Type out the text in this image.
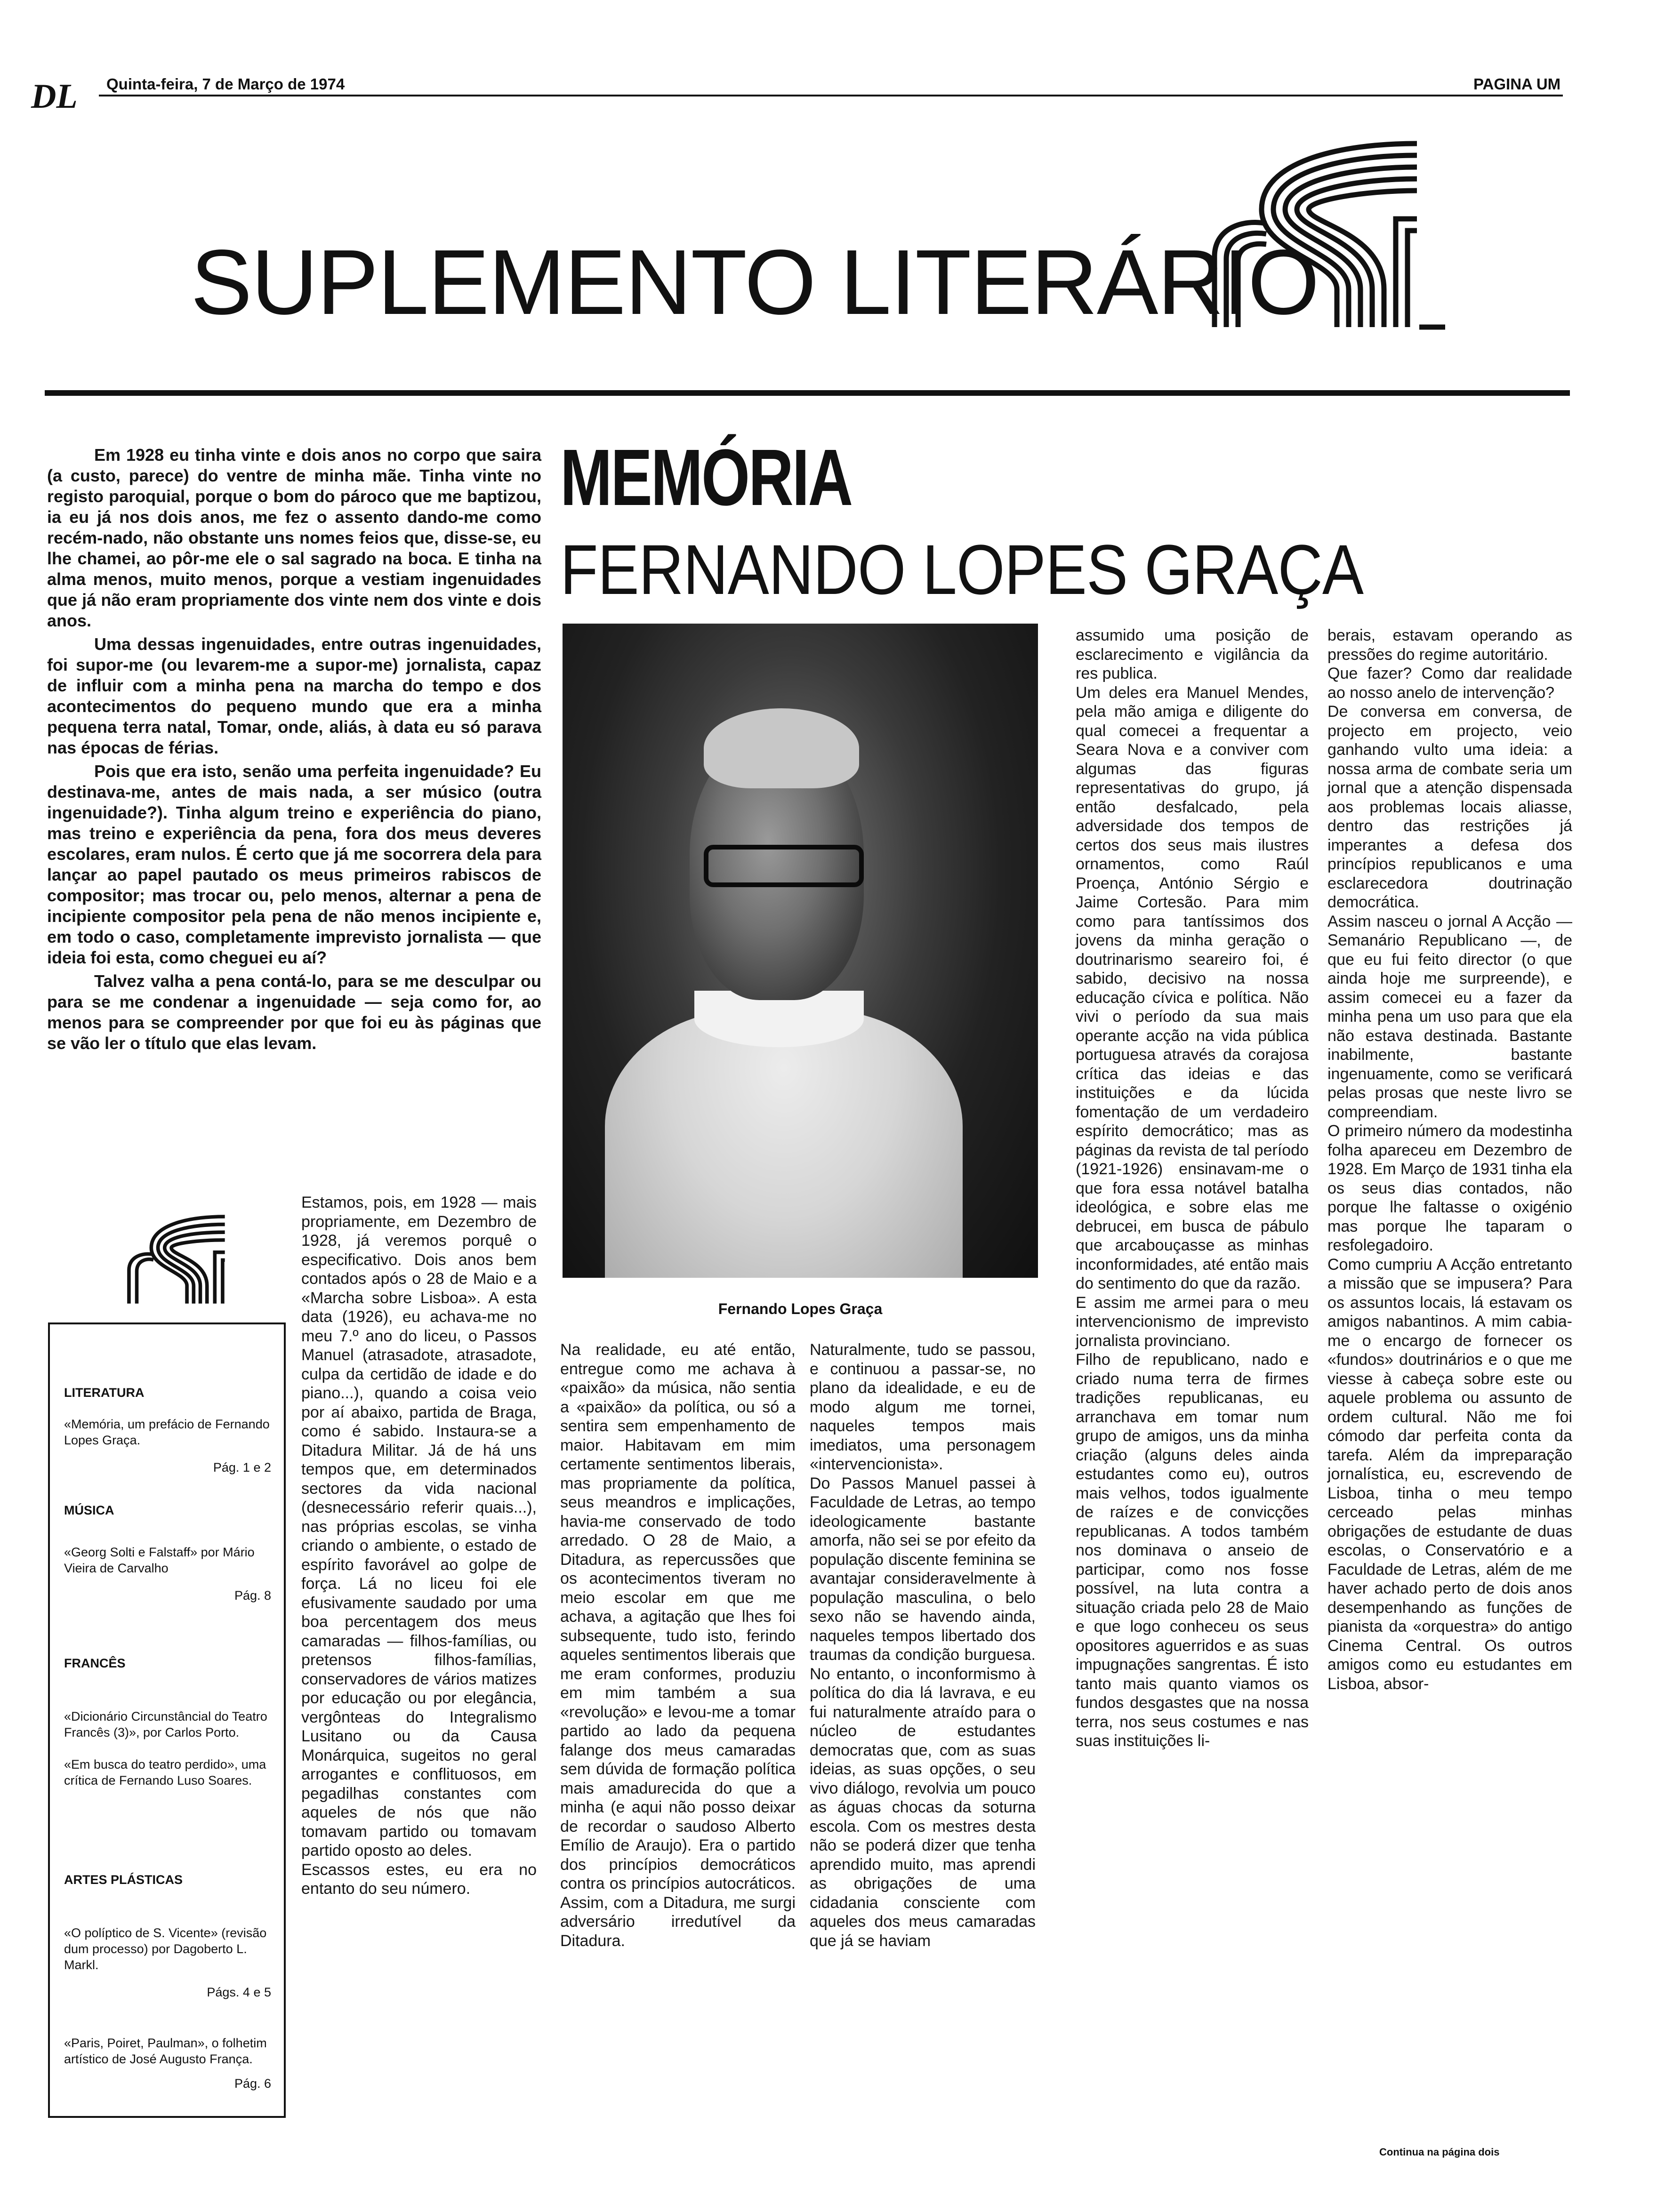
DL Quinta-feira, 7 de Março de 1974	PAGINA UM
SUPLEMENTO LITERÁRIO

Em 1928 eu tinha vinte e dois anos no corpo que saira (a custo, parece) do ventre de minha mãe. Tinha vinte no registo paroquial, porque o bom do pároco que me baptizou, ia eu já nos dois anos, me fez o assento dando-me como recém-nado, não obstante uns nomes feios que, disse-se, eu lhe chamei, ao pôr-me ele o sal sagrado na boca. E tinha na alma menos, muito menos, porque a vestiam ingenuidades que já não eram propriamente dos vinte nem dos vinte e dois anos.

Uma dessas ingenuidades, entre outras ingenuidades, foi supor-me (ou levarem-me a supor-me) jornalista, capaz de influir com a minha pena na marcha do tempo e dos acontecimentos do pequeno mundo que era a minha pequena terra natal, Tomar, onde, aliás, à data eu só parava nas épocas de férias.

Pois que era isto, senão uma perfeita ingenuidade? Eu destinava-me, antes de mais nada, a ser músico (outra ingenuidade?). Tinha algum treino e experiência do piano, mas treino e experiência da pena, fora dos meus deveres escolares, eram nulos. É certo que já me socorrera dela para lançar ao papel pautado os meus primeiros rabiscos de compositor; mas trocar ou, pelo menos, alternar a pena de incipiente compositor pela pena de não menos incipiente e, em todo o caso, completamente imprevisto jornalista — que ideia foi esta, como cheguei eu aí?

Talvez valha a pena contá-lo, para se me desculpar ou para se me condenar a ingenuidade — seja como for, ao menos para se compreender por que foi eu às páginas que se vão ler o título que elas levam.

MEMÓRIA
FERNANDO LOPES GRAÇA
Fernando Lopes Graça

LITERATURA

«Memória, um prefácio de Fernando Lopes Graça.

Pág. 1 e 2

MÚSICA

«Georg Solti e Falstaff» por Mário Vieira de Carvalho

Pág. 8

FRANCÊS

«Dicionário Circunstâncial do Teatro Francês (3)», por Carlos Porto.

«Em busca do teatro perdido», uma crítica de Fernando Luso Soares.

ARTES PLÁSTICAS

«O políptico de S. Vicente» (revisão dum processo) por Dagoberto L. Markl.

Págs. 4 e 5

«Paris, Poiret, Paulman», o folhetim artístico de José Augusto França.

Pág. 6

Estamos, pois, em 1928 — mais propriamente, em Dezembro de 1928, já veremos porquê o especificativo. Dois anos bem contados após o 28 de Maio e a «Marcha sobre Lisboa». A esta data (1926), eu achava-me no meu 7.º ano do liceu, o Passos Manuel (atrasadote, atrasadote, culpa da certidão de idade e do piano...), quando a coisa veio por aí abaixo, partida de Braga, como é sabido. Instaura-se a Ditadura Militar. Já de há uns tempos que, em determinados sectores da vida nacional (desnecessário referir quais...), nas próprias escolas, se vinha criando o ambiente, o estado de espírito favorável ao golpe de força. Lá no liceu foi ele efusivamente saudado por uma boa percentagem dos meus camaradas — filhos-famílias, ou pretensos filhos-famílias, conservadores de vários matizes por educação ou por elegância, vergônteas do Integralismo Lusitano ou da Causa Monárquica, sugeitos no geral arrogantes e conflituosos, em pegadilhas constantes com aqueles de nós que não tomavam partido ou tomavam partido oposto ao deles.
Escassos estes, eu era no entanto do seu número.
Na realidade, eu até então, entregue como me achava à «paixão» da música, não sentia a «paixão» da política, ou só a sentira sem empenhamento de maior. Habitavam em mim certamente sentimentos liberais, mas propriamente da política, seus meandros e implicações, havia-me conservado de todo arredado. O 28 de Maio, a Ditadura, as repercussões que os acontecimentos tiveram no meio escolar em que me achava, a agitação que lhes foi subsequente, tudo isto, ferindo aqueles sentimentos liberais que me eram conformes, produziu em mim também a sua «revolução» e levou-me a tomar partido ao lado da pequena falange dos meus camaradas sem dúvida de formação política mais amadurecida do que a minha (e aqui não posso deixar de recordar o saudoso Alberto Emílio de Araujo). Era o partido dos princípios democráticos contra os princípios autocráticos. Assim, com a Ditadura, me surgi adversário irredutível da Ditadura.
Naturalmente, tudo se passou, e continuou a passar-se, no plano da idealidade, e eu de modo algum me tornei, naqueles tempos mais imediatos, uma personagem «intervencionista».
Do Passos Manuel passei à Faculdade de Letras, ao tempo ideologicamente bastante amorfa, não sei se por efeito da população discente feminina se avantajar consideravelmente à população masculina, o belo sexo não se havendo ainda, naqueles tempos libertado dos traumas da condição burguesa. No entanto, o inconformismo à política do dia lá lavrava, e eu fui naturalmente atraído para o núcleo de estudantes democratas que, com as suas ideias, as suas opções, o seu vivo diálogo, revolvia um pouco as águas chocas da soturna escola. Com os mestres desta não se poderá dizer que tenha aprendido muito, mas aprendi as obrigações de uma cidadania consciente com aqueles dos meus camaradas que já se haviam
assumido uma posição de esclarecimento e vigilância da res publica.
Um deles era Manuel Mendes, pela mão amiga e diligente do qual comecei a frequentar a Seara Nova e a conviver com algumas das figuras representativas do grupo, já então desfalcado, pela adversidade dos tempos de certos dos seus mais ilustres ornamentos, como Raúl Proença, António Sérgio e Jaime Cortesão. Para mim como para tantíssimos dos jovens da minha geração o doutrinarismo seareiro foi, é sabido, decisivo na nossa educação cívica e política. Não vivi o período da sua mais operante acção na vida pública portuguesa através da corajosa crítica das ideias e das instituições e da lúcida fomentação de um verdadeiro espírito democrático; mas as páginas da revista de tal período (1921-1926) ensinavam-me o que fora essa notável batalha ideológica, e sobre elas me debrucei, em busca de pábulo que arcabouçasse as minhas inconformidades, até então mais do sentimento do que da razão.
E assim me armei para o meu intervencionismo de imprevisto jornalista provinciano.
Filho de republicano, nado e criado numa terra de firmes tradições republicanas, eu arranchava em tomar num grupo de amigos, uns da minha criação (alguns deles ainda estudantes como eu), outros mais velhos, todos igualmente de raízes e de convicções republicanas. A todos também nos dominava o anseio de participar, como nos fosse possível, na luta contra a situação criada pelo 28 de Maio e que logo conheceu os seus opositores aguerridos e as suas impugnações sangrentas. É isto tanto mais quanto viamos os fundos desgastes que na nossa terra, nos seus costumes e nas suas instituições li-
berais, estavam operando as pressões do regime autoritário.
Que fazer? Como dar realidade ao nosso anelo de intervenção?
De conversa em conversa, de projecto em projecto, veio ganhando vulto uma ideia: a nossa arma de combate seria um jornal que a atenção dispensada aos problemas locais aliasse, dentro das restrições já imperantes a defesa dos princípios republicanos e uma esclarecedora doutrinação democrática.
Assim nasceu o jornal A Acção — Semanário Republicano —, de que eu fui feito director (o que ainda hoje me surpreende), e assim comecei eu a fazer da minha pena um uso para que ela não estava destinada. Bastante inabilmente, bastante ingenuamente, como se verificará pelas prosas que neste livro se compreendiam.
O primeiro número da modestinha folha apareceu em Dezembro de 1928. Em Março de 1931 tinha ela os seus dias contados, não porque lhe faltasse o oxigénio mas porque lhe taparam o resfolegadoiro.
Como cumpriu A Acção entretanto a missão que se impusera? Para os assuntos locais, lá estavam os amigos nabantinos. A mim cabia-me o encargo de fornecer os «fundos» doutrinários e o que me viesse à cabeça sobre este ou aquele problema ou assunto de ordem cultural. Não me foi cómodo dar perfeita conta da tarefa. Além da impreparação jornalística, eu, escrevendo de Lisboa, tinha o meu tempo cerceado pelas minhas obrigações de estudante de duas escolas, o Conservatório e a Faculdade de Letras, além de me haver achado perto de dois anos desempenhando as funções de pianista da «orquestra» do antigo Cinema Central. Os outros amigos como eu estudantes em Lisboa, absor-
Continua na página dois
